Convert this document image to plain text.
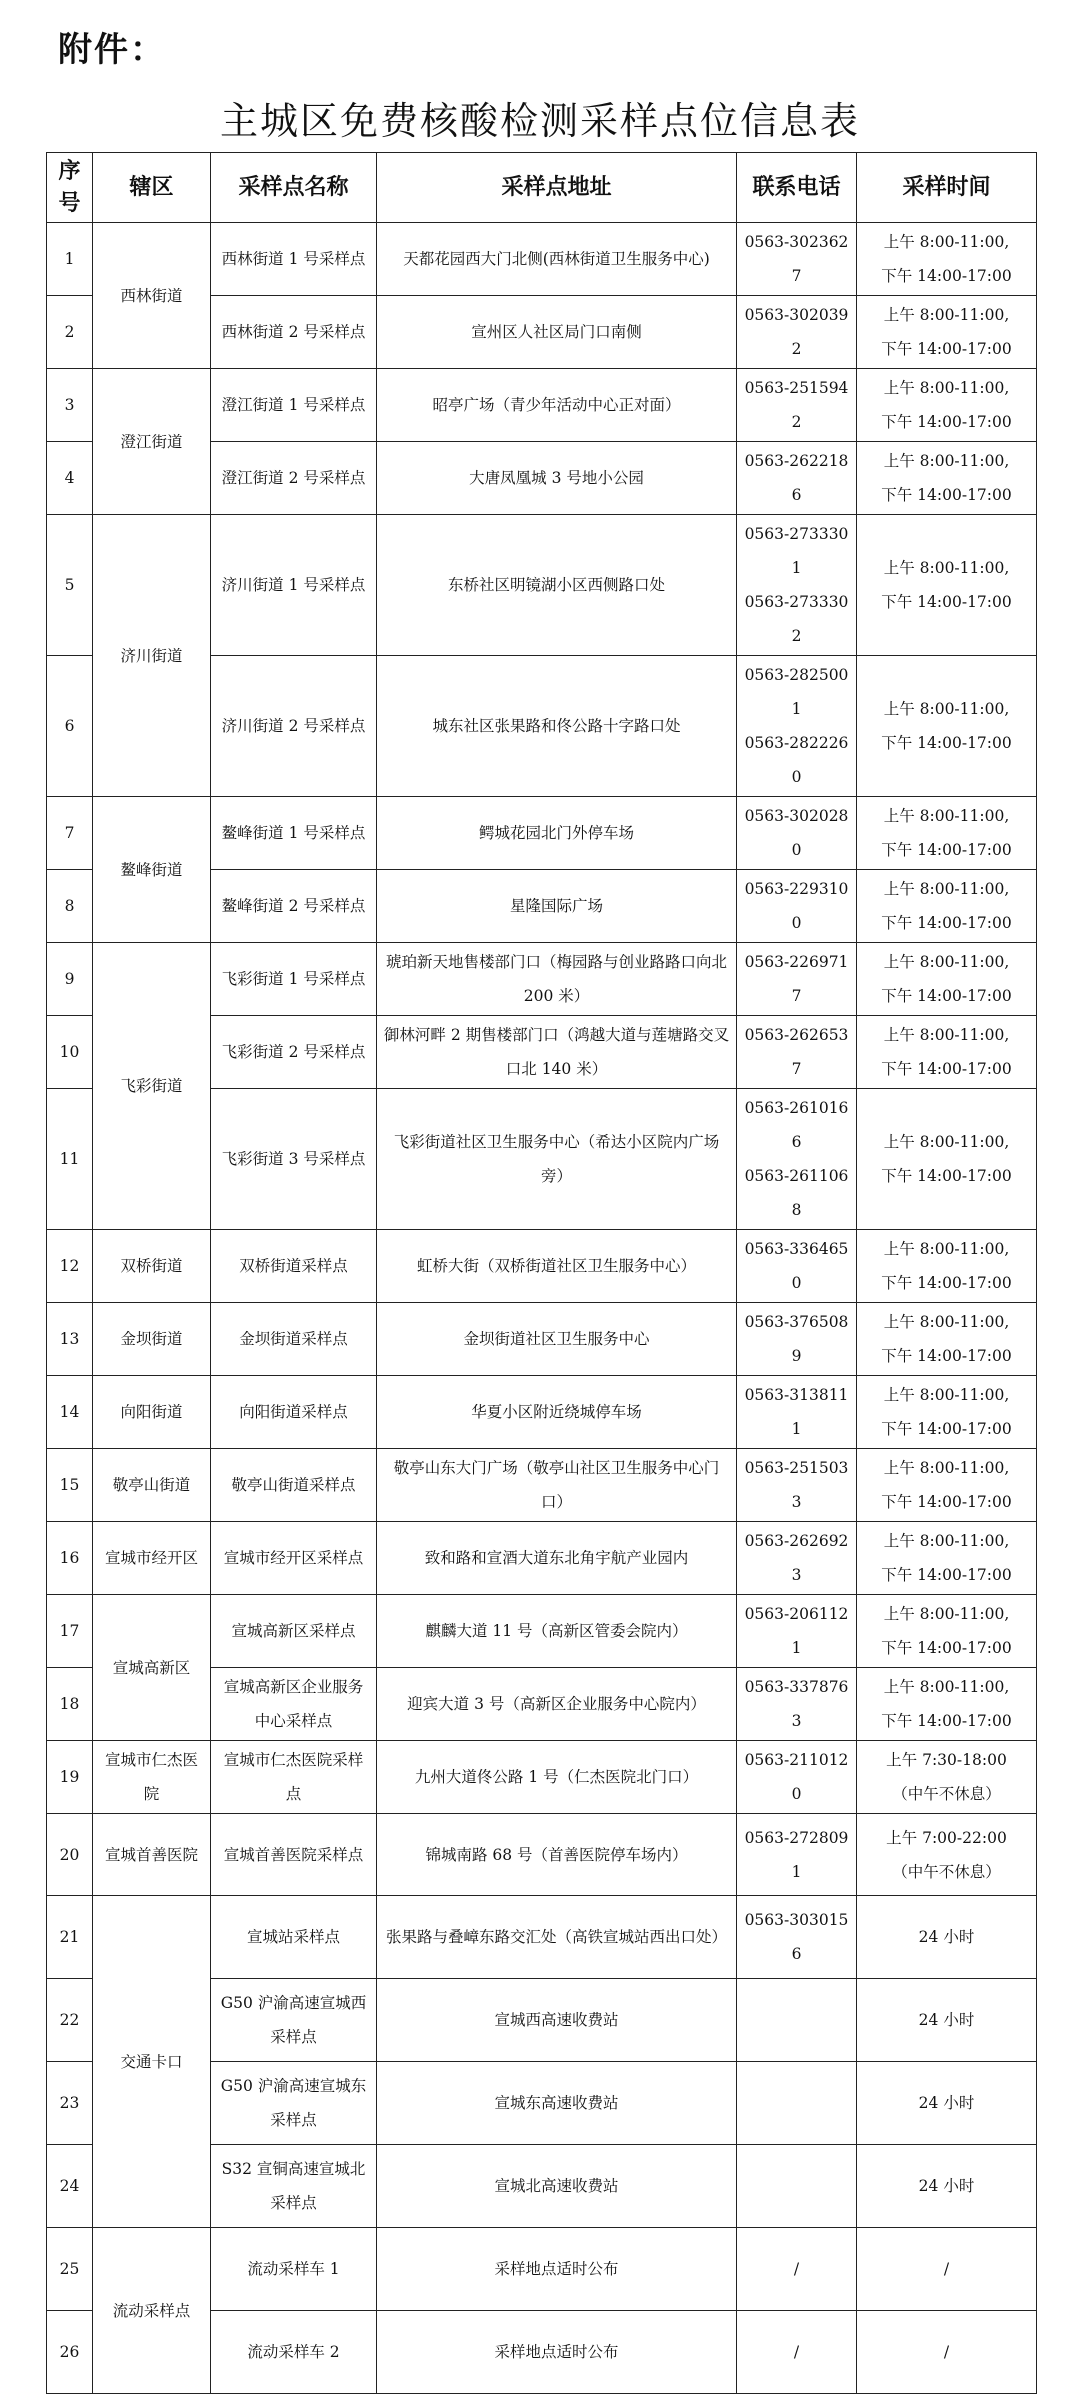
附件：
主城区免费核酸检测采样点位信息表
序号	辖区	采样点名称	采样点地址	联系电话	采样时间
1	西林街道	西林街道 1 号采样点	天都花园西大门北侧(西林街道卫生服务中心)	0563-302362
7	上午 8:00-11:00,
下午 14:00-17:00

2		西林街道 2 号采样点	宣州区人社区局门口南侧	0563-302039
2	上午 8:00-11:00,
下午 14:00-17:00

3	澄江街道	澄江街道 1 号采样点	昭亭广场（青少年活动中心正对面）	0563-251594
2	上午 8:00-11:00,
下午 14:00-17:00

4		澄江街道 2 号采样点	大唐凤凰城 3 号地小公园	0563-262218
6	上午 8:00-11:00,
下午 14:00-17:00

5	济川街道	济川街道 1 号采样点	东桥社区明镜湖小区西侧路口处	0563-273330
1
0563-273330
2	上午 8:00-11:00,
下午 14:00-17:00

6		济川街道 2 号采样点	城东社区张果路和佟公路十字路口处	0563-282500
1
0563-282226
0	上午 8:00-11:00,
下午 14:00-17:00

7	鳌峰街道	鳌峰街道 1 号采样点	鳄城花园北门外停车场	0563-302028
0	上午 8:00-11:00,
下午 14:00-17:00

8		鳌峰街道 2 号采样点	星隆国际广场	0563-229310
0	上午 8:00-11:00,
下午 14:00-17:00

9	飞彩街道	飞彩街道 1 号采样点	琥珀新天地售楼部门口（梅园路与创业路路口向北 200 米）	0563-226971
7	上午 8:00-11:00,
下午 14:00-17:00

10		飞彩街道 2 号采样点	御林河畔 2 期售楼部门口（鸿越大道与莲塘路交叉口北 140 米）	0563-262653
7	上午 8:00-11:00,
下午 14:00-17:00

11		飞彩街道 3 号采样点	飞彩街道社区卫生服务中心（希达小区院内广场旁）	0563-261016
6
0563-261106
8	上午 8:00-11:00,
下午 14:00-17:00

12	双桥街道	双桥街道采样点	虹桥大街（双桥街道社区卫生服务中心）	0563-336465
0	上午 8:00-11:00,
下午 14:00-17:00

13	金坝街道	金坝街道采样点	金坝街道社区卫生服务中心	0563-376508
9	上午 8:00-11:00,
下午 14:00-17:00

14	向阳街道	向阳街道采样点	华夏小区附近绕城停车场	0563-313811
1	上午 8:00-11:00,
下午 14:00-17:00

15	敬亭山街道	敬亭山街道采样点	敬亭山东大门广场（敬亭山社区卫生服务中心门口）	0563-251503
3	上午 8:00-11:00,
下午 14:00-17:00

16	宣城市经开区	宣城市经开区采样点	致和路和宣酒大道东北角宇航产业园内	0563-262692
3	上午 8:00-11:00,
下午 14:00-17:00

17	宣城高新区	宣城高新区采样点	麒麟大道 11 号（高新区管委会院内）	0563-206112
1	上午 8:00-11:00,
下午 14:00-17:00

18		宣城高新区企业服务中心采样点	迎宾大道 3 号（高新区企业服务中心院内）	0563-337876
3	上午 8:00-11:00,
下午 14:00-17:00

19	宣城市仁杰医院	宣城市仁杰医院采样点	九州大道佟公路 1 号（仁杰医院北门口）	0563-211012
0	上午 7:30-18:00
（中午不休息）

20	宣城首善医院	宣城首善医院采样点	锦城南路 68 号（首善医院停车场内）	0563-272809
1	上午 7:00-22:00
（中午不休息）

21	交通卡口	宣城站采样点	张果路与叠嶂东路交汇处（高铁宣城站西出口处）	0563-303015
6	24 小时

22		G50 沪渝高速宣城西采样点	宣城西高速收费站		24 小时

23		G50 沪渝高速宣城东采样点	宣城东高速收费站		24 小时

24		S32 宣铜高速宣城北采样点	宣城北高速收费站		24 小时

25	流动采样点	流动采样车 1	采样地点适时公布	/	/

26		流动采样车 2	采样地点适时公布	/	/
